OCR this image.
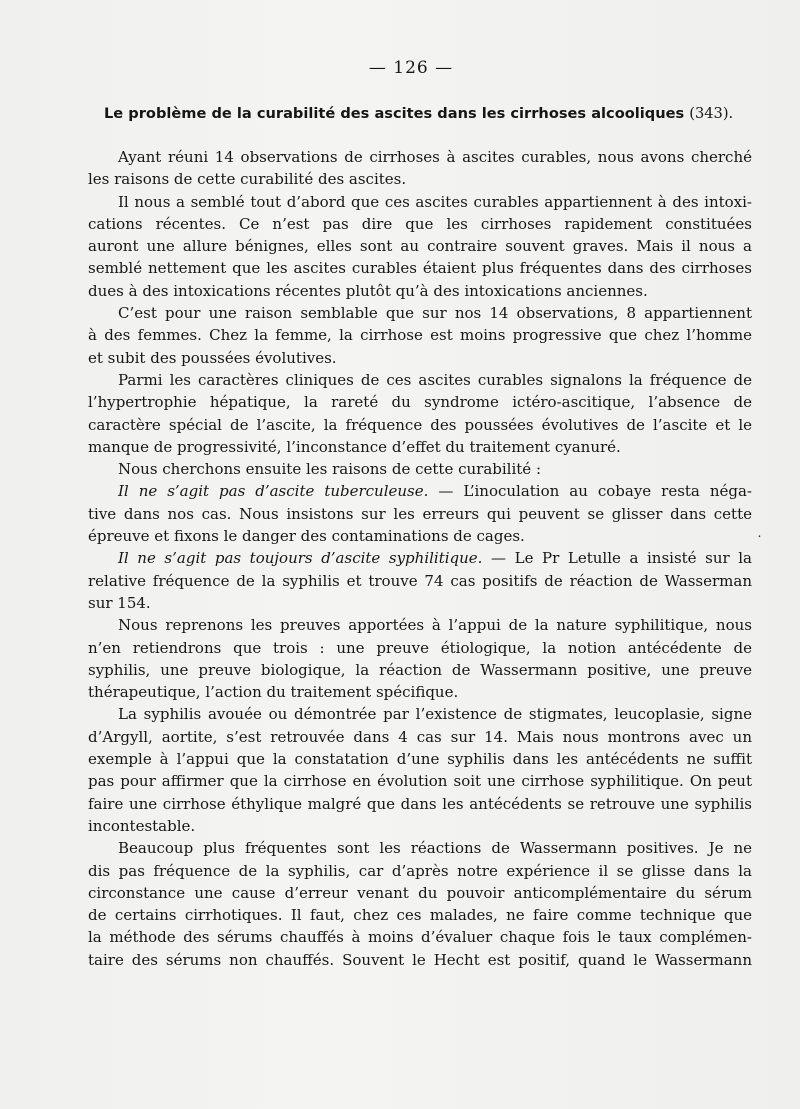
— 126 —
Le problème de la curabilité des ascites dans les cirrhoses alcooliques (343).
Ayant réuni 14 observations de cirrhoses à ascites curables, nous avons cherché
les raisons de cette curabilité des ascites.
Il nous a semblé tout d’abord que ces ascites curables appartiennent à des intoxi-
cations récentes. Ce n’est pas dire que les cirrhoses rapidement constituées
auront une allure bénignes, elles sont au contraire souvent graves. Mais il nous a
semblé nettement que les ascites curables étaient plus fréquentes dans des cirrhoses
dues à des intoxications récentes plutôt qu’à des intoxications anciennes.
C’est pour une raison semblable que sur nos 14 observations, 8 appartiennent
à des femmes. Chez la femme, la cirrhose est moins progressive que chez l’homme
et subit des poussées évolutives.
Parmi les caractères cliniques de ces ascites curables signalons la fréquence de
l’hypertrophie hépatique, la rareté du syndrome ictéro-ascitique, l’absence de
caractère spécial de l’ascite, la fréquence des poussées évolutives de l’ascite et le
manque de progressivité, l’inconstance d’effet du traitement cyanuré.
Nous cherchons ensuite les raisons de cette curabilité :
Il ne s’agit pas d’ascite tuberculeuse. — L’inoculation au cobaye resta néga-
tive dans nos cas. Nous insistons sur les erreurs qui peuvent se glisser dans cette
épreuve et fixons le danger des contaminations de cages.
Il ne s’agit pas toujours d’ascite syphilitique. — Le Pr Letulle a insisté sur la
relative fréquence de la syphilis et trouve 74 cas positifs de réaction de Wasserman
sur 154.
Nous reprenons les preuves apportées à l’appui de la nature syphilitique, nous
n’en retiendrons que trois : une preuve étiologique, la notion antécédente de
syphilis, une preuve biologique, la réaction de Wassermann positive, une preuve
thérapeutique, l’action du traitement spécifique.
La syphilis avouée ou démontrée par l’existence de stigmates, leucoplasie, signe
d’Argyll, aortite, s’est retrouvée dans 4 cas sur 14. Mais nous montrons avec un
exemple à l’appui que la constatation d’une syphilis dans les antécédents ne suffit
pas pour affirmer que la cirrhose en évolution soit une cirrhose syphilitique. On peut
faire une cirrhose éthylique malgré que dans les antécédents se retrouve une syphilis
incontestable.
Beaucoup plus fréquentes sont les réactions de Wassermann positives. Je ne
dis pas fréquence de la syphilis, car d’après notre expérience il se glisse dans la
circonstance une cause d’erreur venant du pouvoir anticomplémentaire du sérum
de certains cirrhotiques. Il faut, chez ces malades, ne faire comme technique que
la méthode des sérums chauffés à moins d’évaluer chaque fois le taux complémen-
taire des sérums non chauffés. Souvent le Hecht est positif, quand le Wassermann
˙
